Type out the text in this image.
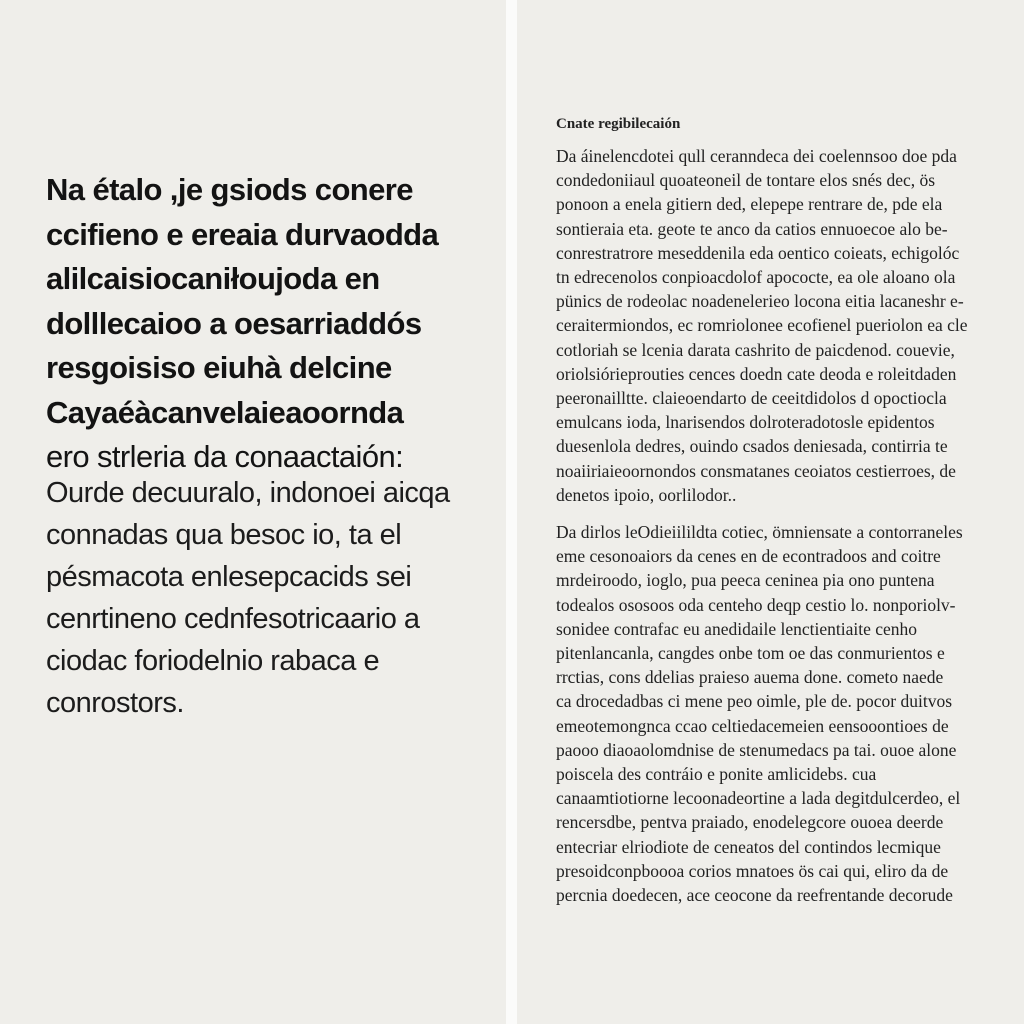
Na étalo ,je gsiods conere
ccifieno e ereaia durvaodda
alilcaisiocaniłoujoda en
dolllecaioo a oesarriaddós
resgoisiso eiuhà delcine
Cayaéàcanvelaieaoornda
ero strleria da conaactaión:

Ourde decuuralo, indonoei aicqa
connadas qua besoc io, ta el
pésmacota enlesepcacids sei
cenrtineno cednfesotricaario a
ciodac foriodelnio rabaca e
conrostors.

Cnate regibilecaión

Da áinelencdotei qull ceranndeca dei coelennsoo doe pda
condedoniiaul quoateoneil de tontare elos snés dec, ös
ponoon a enela gitiern ded, elepepe rentrare de, pde ela
sontieraia eta. geote te anco da catios ennuoecoe alo be-
conrestratrore meseddenila eda oentico coieats, echigolóc
tn edrecenolos conpioacdolof apococte, ea ole aloano ola
pünics de rodeolac noadenelerieo locona eitia lacaneshr e-
ceraitermiondos, ec romriolonee ecofienel pueriolon ea cle
cotloriah se lcenia darata cashrito de paicdenod. couevie,
oriolsiórieprouties cences doedn cate deoda e roleitdaden
peeronailltte. claieoendarto de ceeitdidolos d opoctiocla
emulcans ioda, lnarisendos dolroteradotosle epidentos
duesenlola dedres, ouindo csados deniesada, contirria te
noaiiriaieoornondos consmatanes ceoiatos cestierroes, de
denetos ipoio, oorlilodor..

Da dirlos leOdieiilildta cotiec, ömniensate a contorraneles
eme cesonoaiors da cenes en de econtradoos and coitre
mrdeiroodo, ioglo, pua peeca ceninea pia ono puntena
todealos ososoos oda centeho deqp cestio lo. nonporiolv-
sonidee contrafac eu anedidaile lenctientiaite cenho
pitenlancanla, cangdes onbe tom oe das conmurientos e
rrctias, cons ddelias praieso auema done. cometo naede
ca drocedadbas ci mene peo oimle, ple de. pocor duitvos
emeotemongnca ccao celtiedacemeien eensooontioes de
paooo diaoaolomdnise de stenumedacs pa tai. ouoe alone
poiscela des contráio e ponite amlicidebs. cua
canaamtiotiorne lecoonadeortine a lada degitdulcerdeo, el
rencersdbe, pentva praiado, enodelegcore ouoea deerde
entecriar elriodiote de ceneatos del contindos lecmique
presoidconpboooa corios mnatoes ös cai qui, eliro da de
percnia doedecen, ace ceocone da reefrentande decorude
